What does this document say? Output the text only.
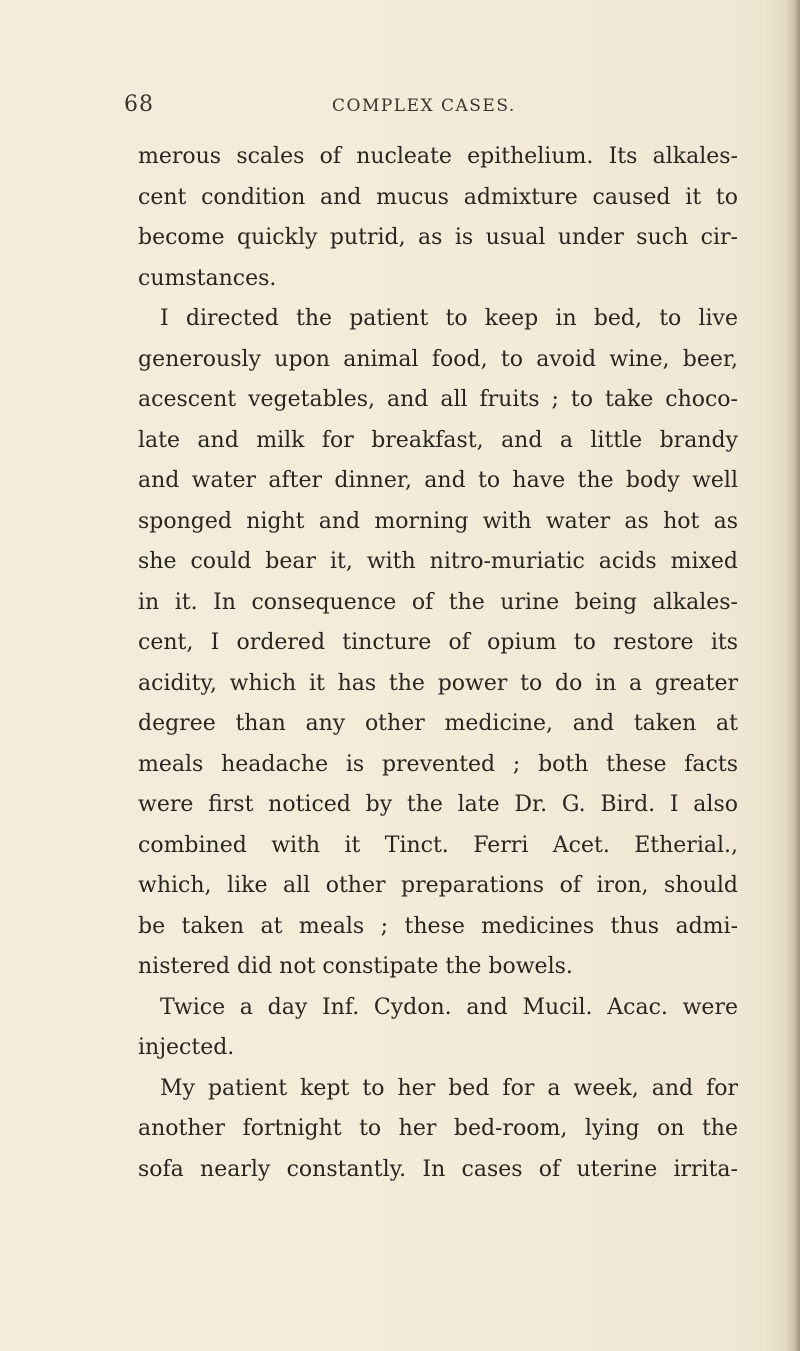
68	COMPLEX CASES.
merous scales of nucleate epithelium. Its alkales-
cent condition and mucus admixture caused it to
become quickly putrid, as is usual under such cir-
cumstances.
I directed the patient to keep in bed, to live
generously upon animal food, to avoid wine, beer,
acescent vegetables, and all fruits ; to take choco-
late and milk for breakfast, and a little brandy
and water after dinner, and to have the body well
sponged night and morning with water as hot as
she could bear it, with nitro-muriatic acids mixed
in it. In consequence of the urine being alkales-
cent, I ordered tincture of opium to restore its
acidity, which it has the power to do in a greater
degree than any other medicine, and taken at
meals headache is prevented ; both these facts
were first noticed by the late Dr. G. Bird. I also
combined with it Tinct. Ferri Acet. Etherial.,
which, like all other preparations of iron, should
be taken at meals ; these medicines thus admi-
nistered did not constipate the bowels.
Twice a day Inf. Cydon. and Mucil. Acac. were
injected.
My patient kept to her bed for a week, and for
another fortnight to her bed-room, lying on the
sofa nearly constantly. In cases of uterine irrita-
